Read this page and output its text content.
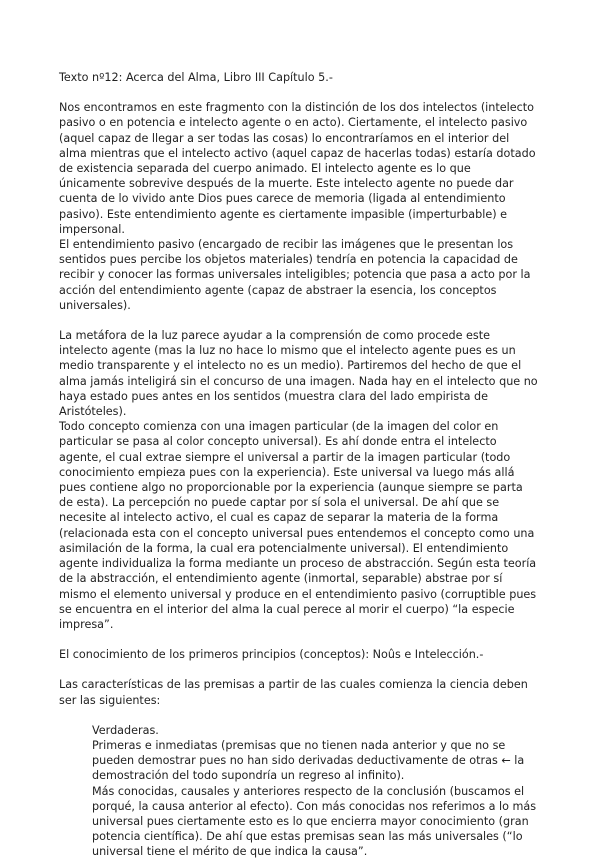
Texto nº12: Acerca del Alma, Libro III Capítulo 5.-

Nos encontramos en este fragmento con la distinción de los dos intelectos (intelecto pasivo o en potencia e intelecto agente o en acto). Ciertamente, el intelecto pasivo (aquel capaz de llegar a ser todas las cosas) lo encontraríamos en el interior del alma mientras que el intelecto activo (aquel capaz de hacerlas todas) estaría dotado de existencia separada del cuerpo animado. El intelecto agente es lo que únicamente sobrevive después de la muerte. Este intelecto agente no puede dar cuenta de lo vivido ante Dios pues carece de memoria (ligada al entendimiento pasivo). Este entendimiento agente es ciertamente impasible (imperturbable) e impersonal.

El entendimiento pasivo (encargado de recibir las imágenes que le presentan los sentidos pues percibe los objetos materiales) tendría en potencia la capacidad de recibir y conocer las formas universales inteligibles; potencia que pasa a acto por la acción del entendimiento agente (capaz de abstraer la esencia, los conceptos universales).

La metáfora de la luz parece ayudar a la comprensión de como procede este intelecto agente (mas la luz no hace lo mismo que el intelecto agente pues es un medio transparente y el intelecto no es un medio). Partiremos del hecho de que el alma jamás inteligirá sin el concurso de una imagen. Nada hay en el intelecto que no haya estado pues antes en los sentidos (muestra clara del lado empirista de Aristóteles).

Todo concepto comienza con una imagen particular (de la imagen del color en particular se pasa al color concepto universal). Es ahí donde entra el intelecto agente, el cual extrae siempre el universal a partir de la imagen particular (todo conocimiento empieza pues con la experiencia). Este universal va luego más allá pues contiene algo no proporcionable por la experiencia (aunque siempre se parta de esta). La percepción no puede captar por sí sola el universal. De ahí que se necesite al intelecto activo, el cual es capaz de separar la materia de la forma (relacionada esta con el concepto universal pues entendemos el concepto como una asimilación de la forma, la cual era potencialmente universal). El entendimiento agente individualiza la forma mediante un proceso de abstracción. Según esta teoría de la abstracción, el entendimiento agente (inmortal, separable) abstrae por sí mismo el elemento universal y produce en el entendimiento pasivo (corruptible pues se encuentra en el interior del alma la cual perece al morir el cuerpo) “la especie impresa”.

El conocimiento de los primeros principios (conceptos): Noûs e Intelección.-

Las características de las premisas a partir de las cuales comienza la ciencia deben ser las siguientes:

Verdaderas.

Primeras e inmediatas (premisas que no tienen nada anterior y que no se pueden demostrar pues no han sido derivadas deductivamente de otras ← la demostración del todo supondría un regreso al infinito).

Más conocidas, causales y anteriores respecto de la conclusión (buscamos el porqué, la causa anterior al efecto). Con más conocidas nos referimos a lo más universal pues ciertamente esto es lo que encierra mayor conocimiento (gran potencia científica). De ahí que estas premisas sean las más universales (“lo universal tiene el mérito de que indica la causa”.
